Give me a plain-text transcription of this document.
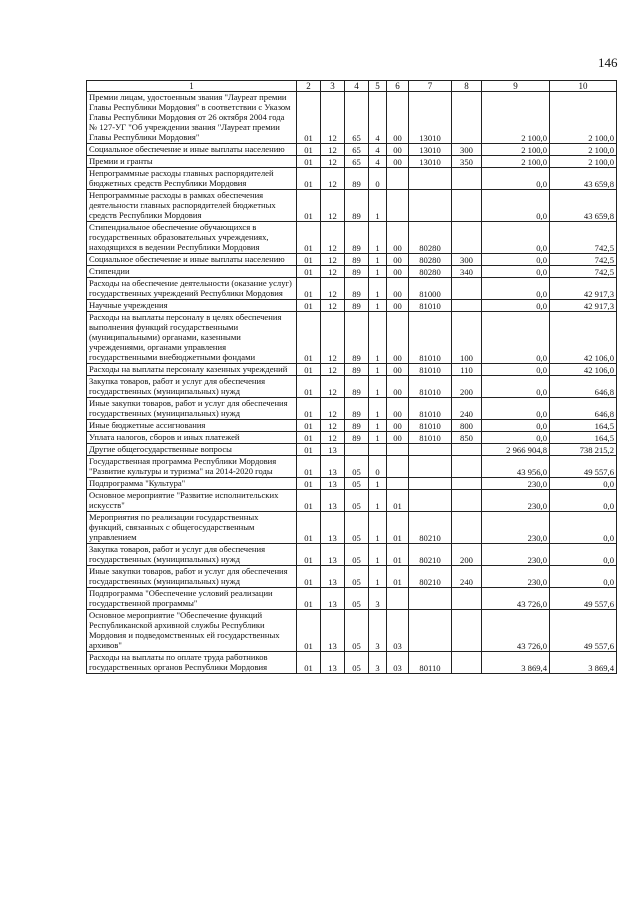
146
1	2	3	4	5	6	7	8	9	10
Премии лицам, удостоенным звания "Лауреат премии Главы Республики Мордовия" в соответствии с Указом Главы Республики Мордовия от 26 октября 2004 года № 127-УГ "Об учреждении звания "Лауреат премии Главы Республики Мордовия"	01	12	65	4	00	13010		2 100,0	2 100,0
Социальное обеспечение и иные выплаты населению	01	12	65	4	00	13010	300	2 100,0	2 100,0
Премии и гранты	01	12	65	4	00	13010	350	2 100,0	2 100,0
Непрограммные расходы главных распорядителей бюджетных средств Республики Мордовия	01	12	89	0				0,0	43 659,8
Непрограммные расходы в рамках обеспечения деятельности главных распорядителей бюджетных средств Республики Мордовия	01	12	89	1				0,0	43 659,8
Стипендиальное обеспечение обучающихся в государственных образовательных учреждениях, находящихся в ведении Республики Мордовия	01	12	89	1	00	80280		0,0	742,5
Социальное обеспечение и иные выплаты населению	01	12	89	1	00	80280	300	0,0	742,5
Стипендии	01	12	89	1	00	80280	340	0,0	742,5
Расходы на обеспечение деятельности (оказание услуг) государственных учреждений Республики Мордовия	01	12	89	1	00	81000		0,0	42 917,3
Научные учреждения	01	12	89	1	00	81010		0,0	42 917,3
Расходы на выплаты персоналу в целях обеспечения выполнения функций государственными (муниципальными) органами, казенными учреждениями, органами управления государственными внебюджетными фондами	01	12	89	1	00	81010	100	0,0	42 106,0
Расходы на выплаты персоналу казенных учреждений	01	12	89	1	00	81010	110	0,0	42 106,0
Закупка товаров, работ и услуг для обеспечения государственных (муниципальных) нужд	01	12	89	1	00	81010	200	0,0	646,8
Иные закупки товаров, работ и услуг для обеспечения государственных (муниципальных) нужд	01	12	89	1	00	81010	240	0,0	646,8
Иные бюджетные ассигнования	01	12	89	1	00	81010	800	0,0	164,5
Уплата налогов, сборов и иных платежей	01	12	89	1	00	81010	850	0,0	164,5
Другие общегосударственные вопросы	01	13						2 966 904,8	738 215,2
Государственная программа Республики Мордовия "Развитие культуры и туризма" на 2014-2020 годы	01	13	05	0				43 956,0	49 557,6
Подпрограмма "Культура"	01	13	05	1				230,0	0,0
Основное мероприятие "Развитие исполнительских искусств"	01	13	05	1	01			230,0	0,0
Мероприятия по реализации государственных функций, связанных с общегосударственным управлением	01	13	05	1	01	80210		230,0	0,0
Закупка товаров, работ и услуг для обеспечения государственных (муниципальных) нужд	01	13	05	1	01	80210	200	230,0	0,0
Иные закупки товаров, работ и услуг для обеспечения государственных (муниципальных) нужд	01	13	05	1	01	80210	240	230,0	0,0
Подпрограмма "Обеспечение условий реализации государственной программы"	01	13	05	3				43 726,0	49 557,6
Основное мероприятие "Обеспечение функций Республиканской архивной службы Республики Мордовия и подведомственных ей государственных архивов"	01	13	05	3	03			43 726,0	49 557,6
Расходы на выплаты по оплате труда работников государственных органов Республики Мордовия	01	13	05	3	03	80110		3 869,4	3 869,4
